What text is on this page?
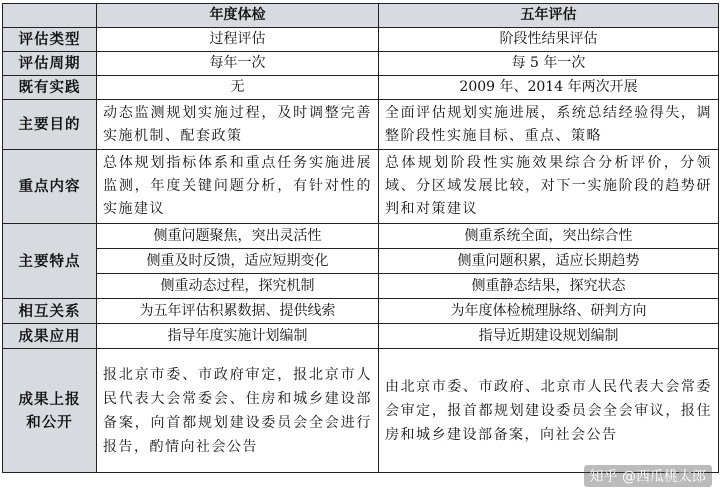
	年度体检	五年评估
评估类型	过程评估	阶段性结果评估
评估周期	每年一次	每 5 年一次
既有实践	无	2009 年、2014 年两次开展
主要目的	动态监测规划实施过程，及时调整完善实施机制、配套政策	全面评估规划实施进展，系统总结经验得失，调整阶段性实施目标、重点、策略
重点内容	总体规划指标体系和重点任务实施进展监测，年度关键问题分析，有针对性的实施建议	总体规划阶段性实施效果综合分析评价，分领域、分区域发展比较，对下一实施阶段的趋势研判和对策建议
主要特点	侧重问题聚焦，突出灵活性	侧重系统全面，突出综合性
	侧重及时反馈，适应短期变化	侧重问题积累，适应长期趋势
	侧重动态过程，探究机制	侧重静态结果，探究状态
相互关系	为五年评估积累数据、提供线索	为年度体检梳理脉络、研判方向
成果应用	指导年度实施计划编制	指导近期建设规划编制
成果上报和公开	报北京市委、市政府审定，报北京市人民代表大会常委会、住房和城乡建设部备案，向首都规划建设委员会全会进行报告，酌情向社会公告	由北京市委、市政府、北京市人民代表大会常委会审定，报首都规划建设委员会全会审议，报住房和城乡建设部备案，向社会公告
知乎 @西瓜桃太郎
